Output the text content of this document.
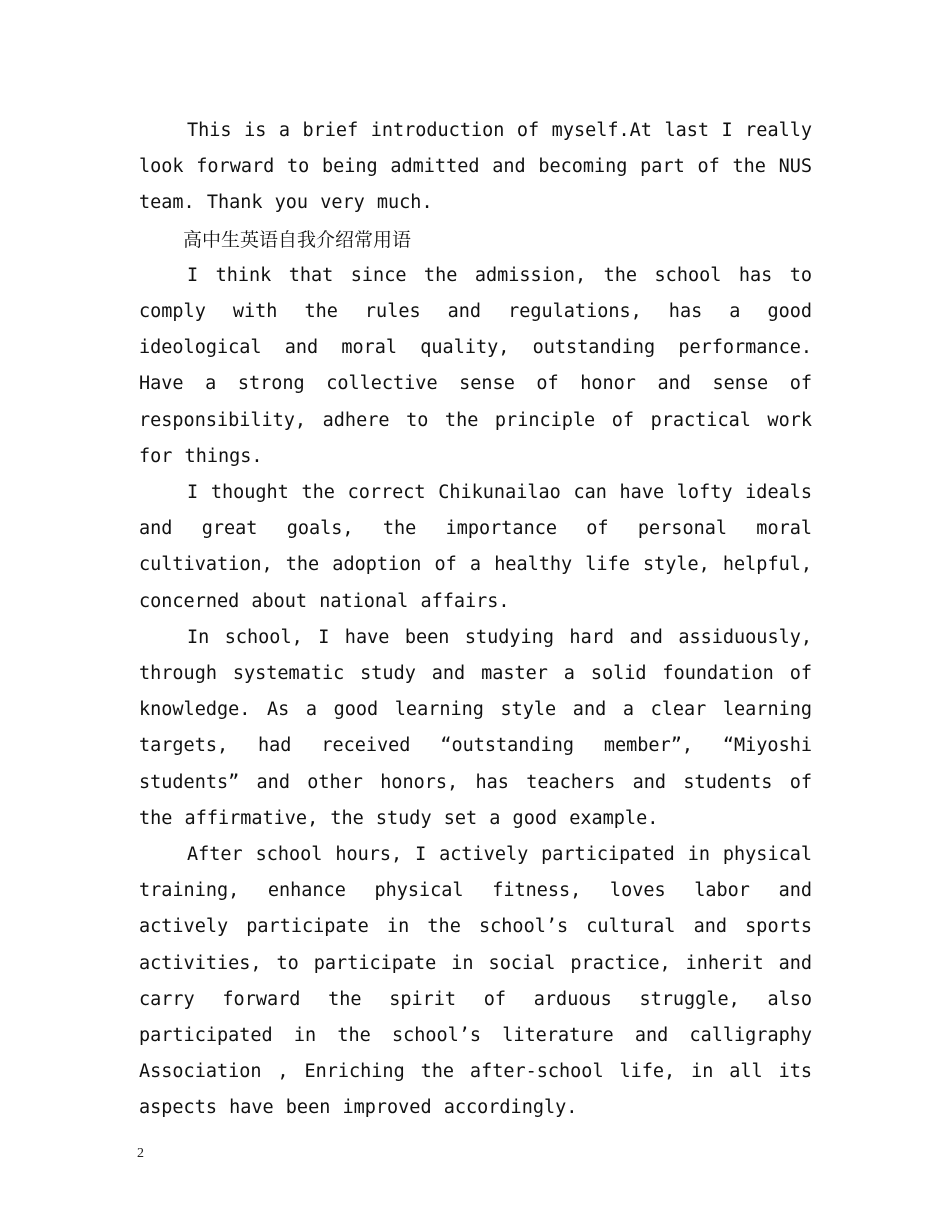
This is a brief introduction of myself.At last I really look forward to being admitted and becoming part of the NUS team. Thank you very much.

高中生英语自我介绍常用语

I think that since the admission, the school has to comply with the rules and regulations, has a good ideological and moral quality, outstanding performance. Have a strong collective sense of honor and sense of responsibility, adhere to the principle of practical work for things.

I thought the correct Chikunailao can have lofty ideals and great goals, the importance of personal moral cultivation, the adoption of a healthy life style, helpful, concerned about national affairs.

In school, I have been studying hard and assiduously, through systematic study and master a solid foundation of knowledge. As a good learning style and a clear learning targets, had received “outstanding member”, “Miyoshi students” and other honors, has teachers and students of the affirmative, the study set a good example.

After school hours, I actively participated in physical training, enhance physical fitness, loves labor and actively participate in the school’s cultural and sports activities, to participate in social practice, inherit and carry forward the spirit of arduous struggle, also participated in the school’s literature and calligraphy Association , Enriching the after-school life, in all its aspects have been improved accordingly.

2
